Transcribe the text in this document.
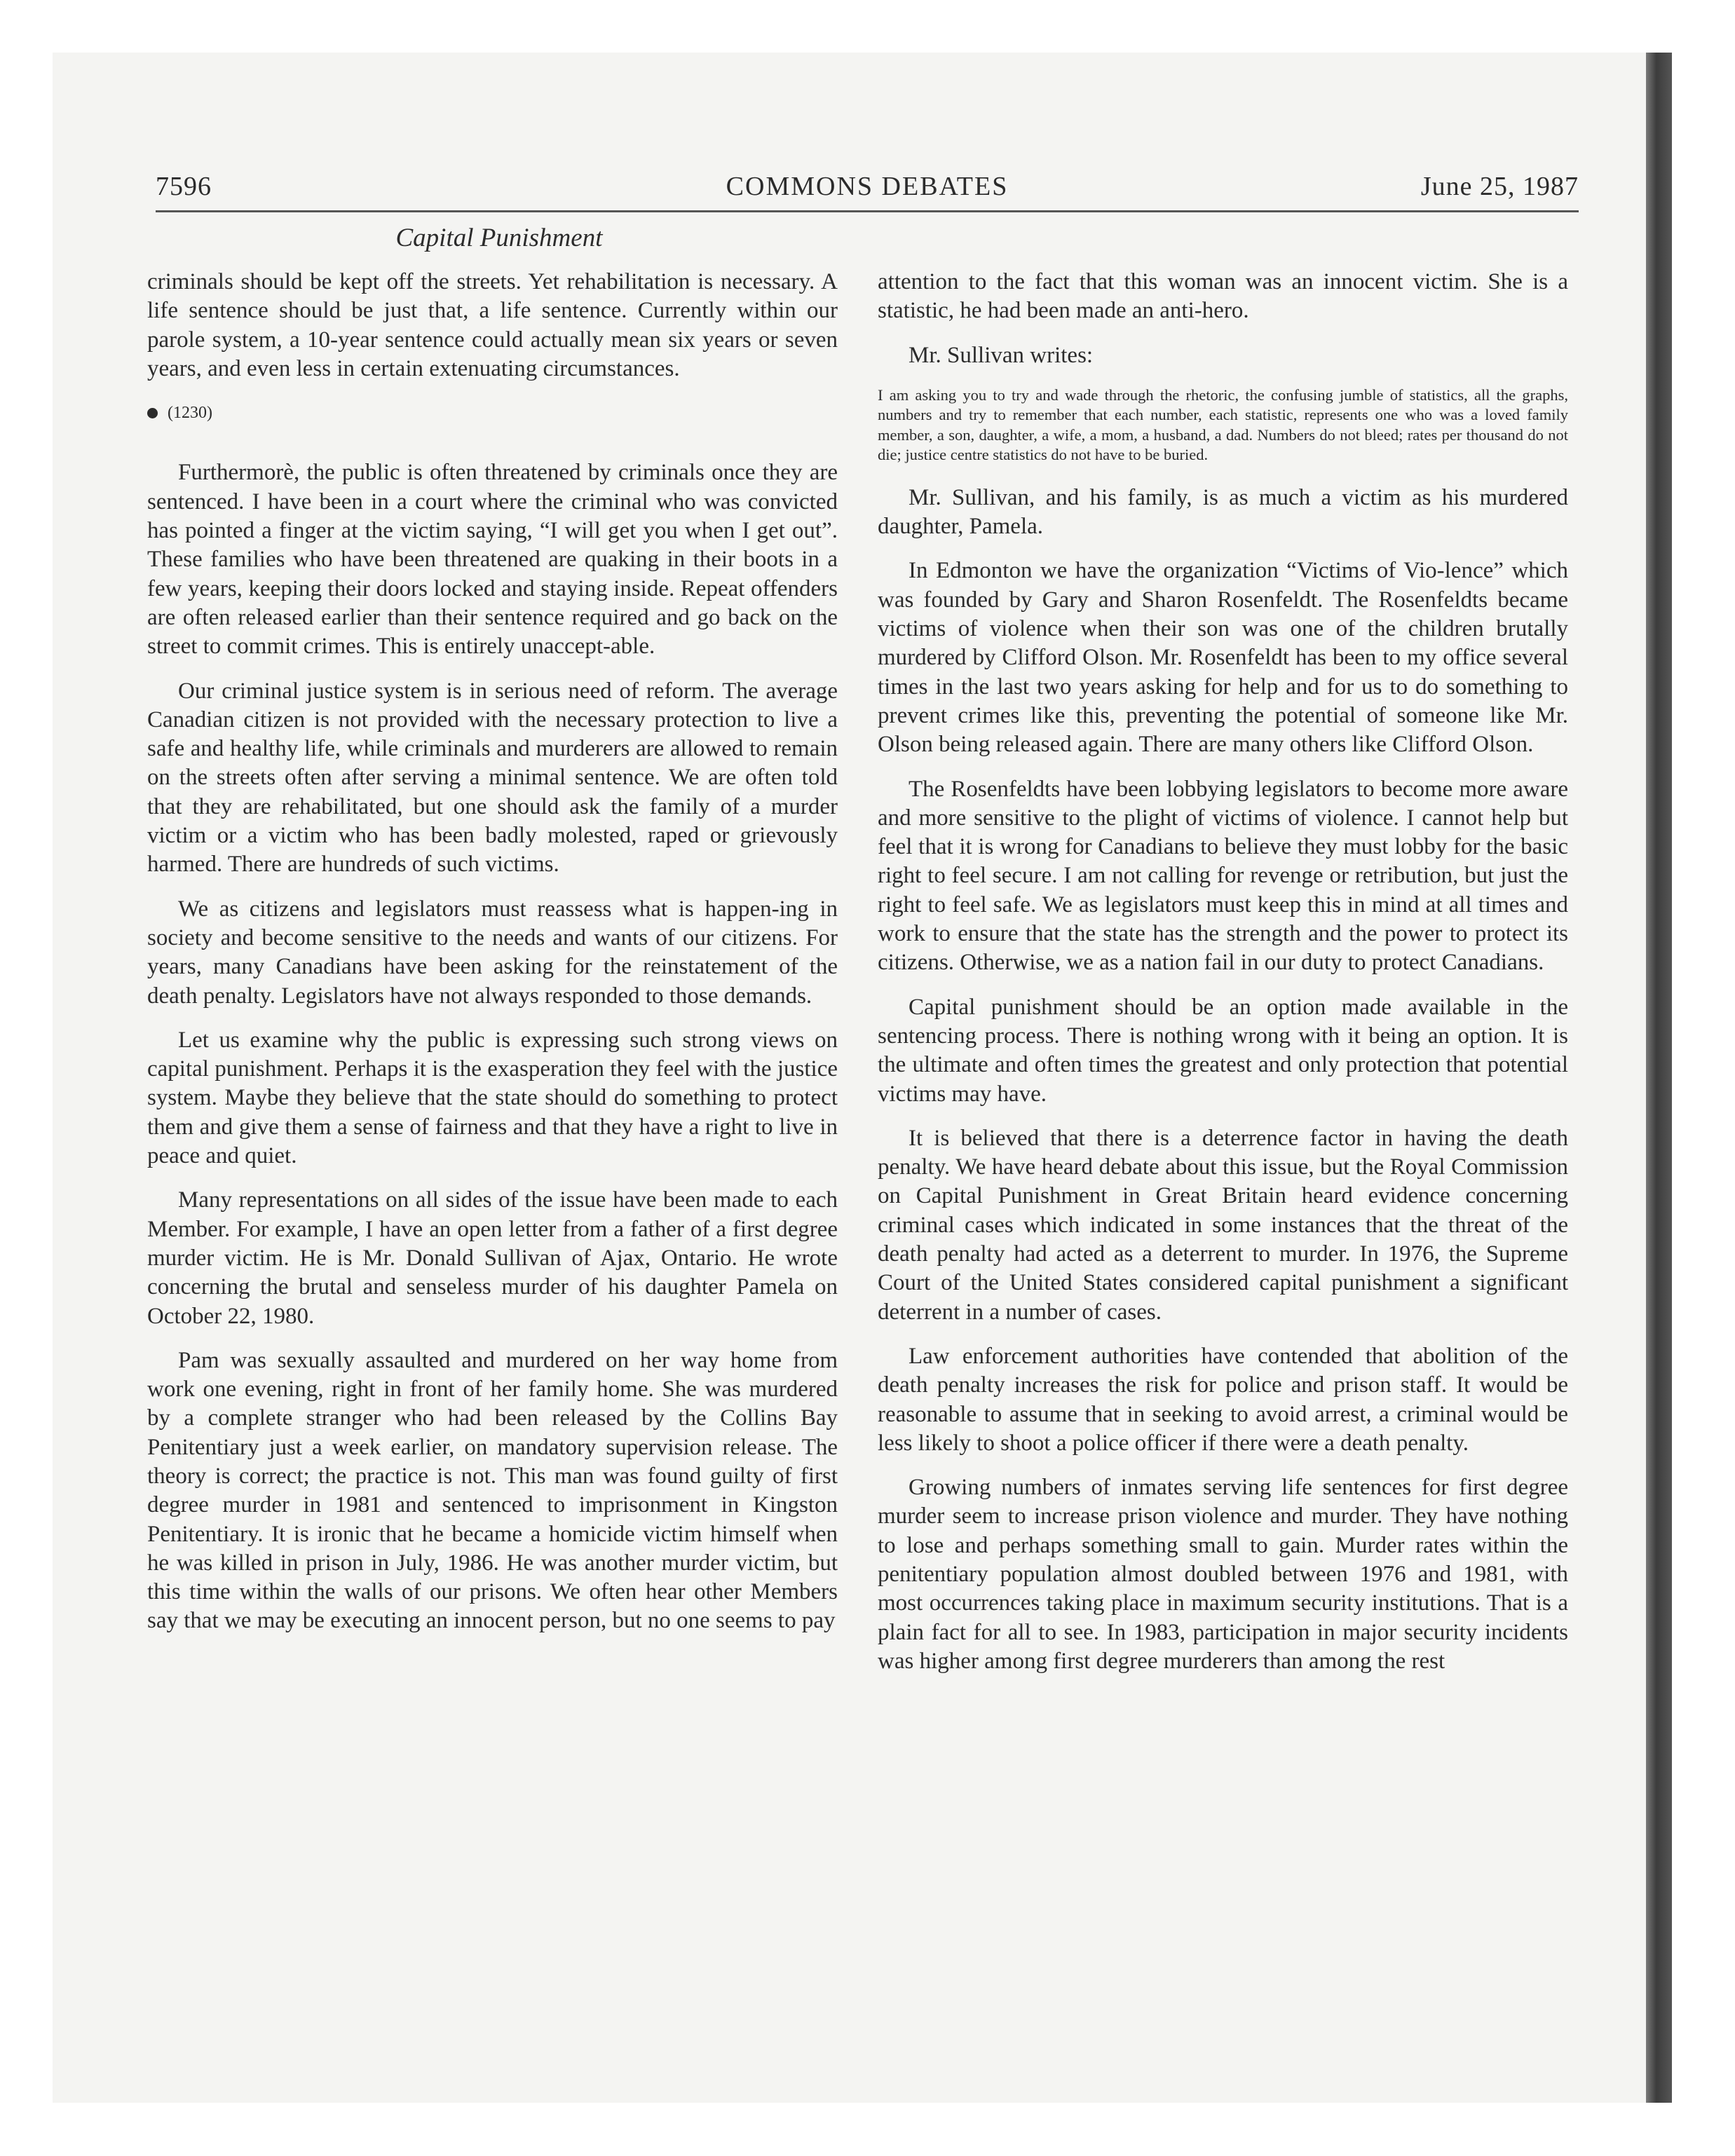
7596	COMMONS DEBATES	June 25, 1987
Capital Punishment

criminals should be kept off the streets. Yet rehabilitation is necessary. A life sentence should be just that, a life sentence. Currently within our parole system, a 10-year sentence could actually mean six years or seven years, and even less in certain extenuating circumstances.

(1230)

Furthermorè, the public is often threatened by criminals once they are sentenced. I have been in a court where the criminal who was convicted has pointed a finger at the victim saying, “I will get you when I get out”. These families who have been threatened are quaking in their boots in a few years, keeping their doors locked and staying inside. Repeat offenders are often released earlier than their sentence required and go back on the street to commit crimes. This is entirely unaccept-able.

Our criminal justice system is in serious need of reform. The average Canadian citizen is not provided with the necessary protection to live a safe and healthy life, while criminals and murderers are allowed to remain on the streets often after serving a minimal sentence. We are often told that they are rehabilitated, but one should ask the family of a murder victim or a victim who has been badly molested, raped or grievously harmed. There are hundreds of such victims.

We as citizens and legislators must reassess what is happen-ing in society and become sensitive to the needs and wants of our citizens. For years, many Canadians have been asking for the reinstatement of the death penalty. Legislators have not always responded to those demands.

Let us examine why the public is expressing such strong views on capital punishment. Perhaps it is the exasperation they feel with the justice system. Maybe they believe that the state should do something to protect them and give them a sense of fairness and that they have a right to live in peace and quiet.

Many representations on all sides of the issue have been made to each Member. For example, I have an open letter from a father of a first degree murder victim. He is Mr. Donald Sullivan of Ajax, Ontario. He wrote concerning the brutal and senseless murder of his daughter Pamela on October 22, 1980.

Pam was sexually assaulted and murdered on her way home from work one evening, right in front of her family home. She was murdered by a complete stranger who had been released by the Collins Bay Penitentiary just a week earlier, on mandatory supervision release. The theory is correct; the practice is not. This man was found guilty of first degree murder in 1981 and sentenced to imprisonment in Kingston Penitentiary. It is ironic that he became a homicide victim himself when he was killed in prison in July, 1986. He was another murder victim, but this time within the walls of our prisons. We often hear other Members say that we may be executing an innocent person, but no one seems to pay

attention to the fact that this woman was an innocent victim. She is a statistic, he had been made an anti-hero.

Mr. Sullivan writes:

I am asking you to try and wade through the rhetoric, the confusing jumble of statistics, all the graphs, numbers and try to remember that each number, each statistic, represents one who was a loved family member, a son, daughter, a wife, a mom, a husband, a dad. Numbers do not bleed; rates per thousand do not die; justice centre statistics do not have to be buried.

Mr. Sullivan, and his family, is as much a victim as his murdered daughter, Pamela.

In Edmonton we have the organization “Victims of Vio-lence” which was founded by Gary and Sharon Rosenfeldt. The Rosenfeldts became victims of violence when their son was one of the children brutally murdered by Clifford Olson. Mr. Rosenfeldt has been to my office several times in the last two years asking for help and for us to do something to prevent crimes like this, preventing the potential of someone like Mr. Olson being released again. There are many others like Clifford Olson.

The Rosenfeldts have been lobbying legislators to become more aware and more sensitive to the plight of victims of violence. I cannot help but feel that it is wrong for Canadians to believe they must lobby for the basic right to feel secure. I am not calling for revenge or retribution, but just the right to feel safe. We as legislators must keep this in mind at all times and work to ensure that the state has the strength and the power to protect its citizens. Otherwise, we as a nation fail in our duty to protect Canadians.

Capital punishment should be an option made available in the sentencing process. There is nothing wrong with it being an option. It is the ultimate and often times the greatest and only protection that potential victims may have.

It is believed that there is a deterrence factor in having the death penalty. We have heard debate about this issue, but the Royal Commission on Capital Punishment in Great Britain heard evidence concerning criminal cases which indicated in some instances that the threat of the death penalty had acted as a deterrent to murder. In 1976, the Supreme Court of the United States considered capital punishment a significant deterrent in a number of cases.

Law enforcement authorities have contended that abolition of the death penalty increases the risk for police and prison staff. It would be reasonable to assume that in seeking to avoid arrest, a criminal would be less likely to shoot a police officer if there were a death penalty.

Growing numbers of inmates serving life sentences for first degree murder seem to increase prison violence and murder. They have nothing to lose and perhaps something small to gain. Murder rates within the penitentiary population almost doubled between 1976 and 1981, with most occurrences taking place in maximum security institutions. That is a plain fact for all to see. In 1983, participation in major security incidents was higher among first degree murderers than among the rest
